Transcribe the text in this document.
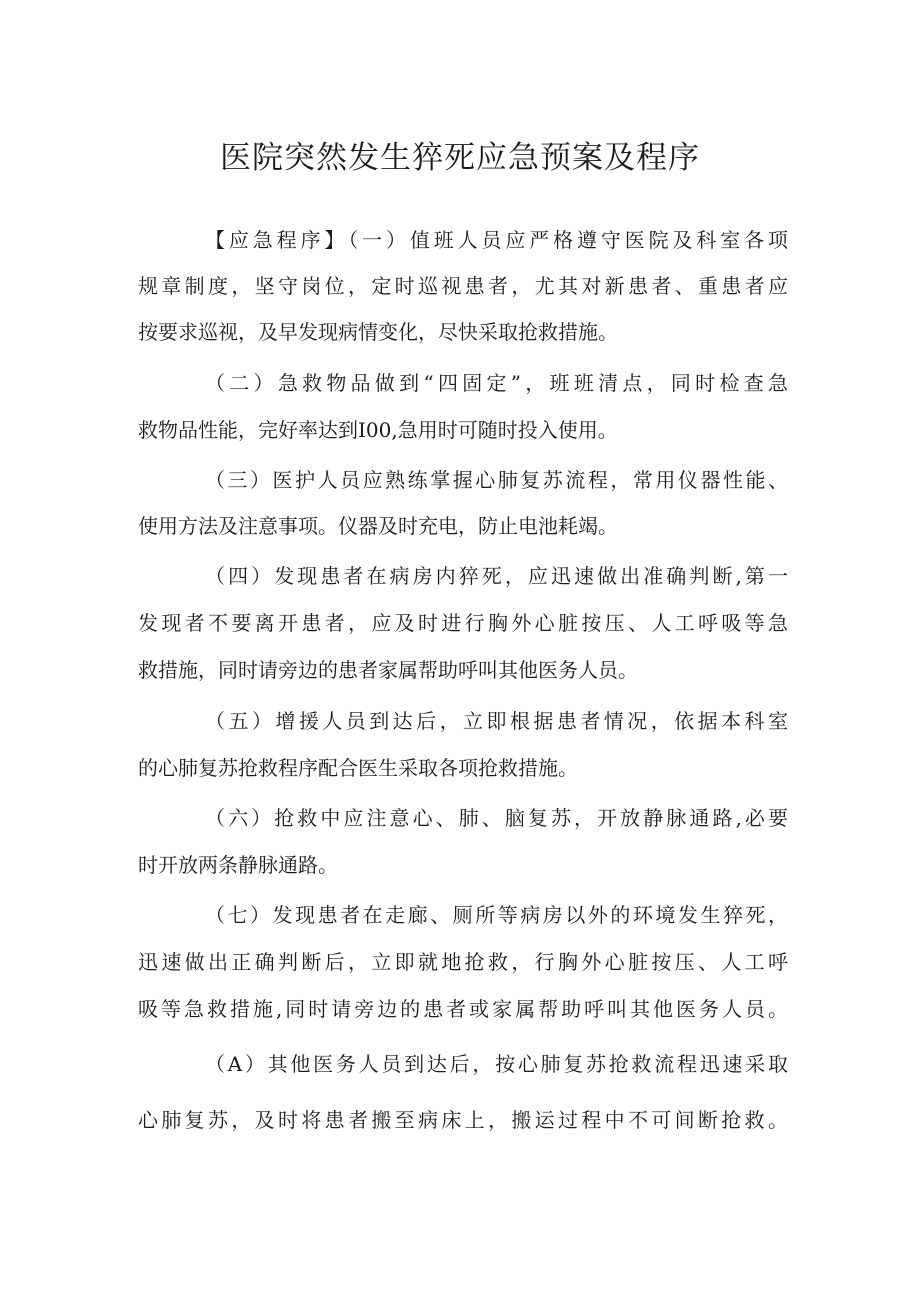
医院突然发生猝死应急预案及程序

【应急程序】（一）值班人员应严格遵守医院及科室各项

规章制度，坚守岗位，定时巡视患者，尤其对新患者、重患者应

按要求巡视，及早发现病情变化，尽快采取抢救措施。

（二）急救物品做到“四固定”，班班清点，同时检查急

救物品性能，完好率达到I00,急用时可随时投入使用。

（三）医护人员应熟练掌握心肺复苏流程，常用仪器性能、

使用方法及注意事项。仪器及时充电，防止电池耗竭。

（四）发现患者在病房内猝死，应迅速做出准确判断,第一

发现者不要离开患者，应及时进行胸外心脏按压、人工呼吸等急

救措施，同时请旁边的患者家属帮助呼叫其他医务人员。

（五）增援人员到达后，立即根据患者情况，依据本科室

的心肺复苏抢救程序配合医生采取各项抢救措施。

（六）抢救中应注意心、肺、脑复苏，开放静脉通路,必要

时开放两条静脉通路。

（七）发现患者在走廊、厕所等病房以外的环境发生猝死，

迅速做出正确判断后，立即就地抢救，行胸外心脏按压、人工呼

吸等急救措施,同时请旁边的患者或家属帮助呼叫其他医务人员。

（A）其他医务人员到达后，按心肺复苏抢救流程迅速采取

心肺复苏，及时将患者搬至病床上，搬运过程中不可间断抢救。
